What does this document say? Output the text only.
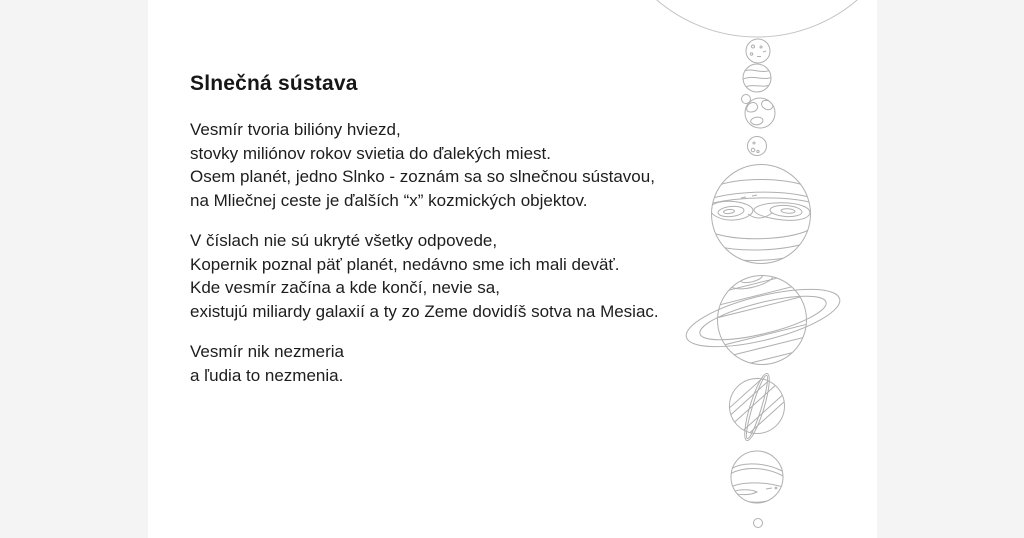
Slnečná sústava

Vesmír tvoria bilióny hviezd,
stovky miliónov rokov svietia do ďalekých miest.
Osem planét, jedno Slnko - zoznám sa so slnečnou sústavou,
na Mliečnej ceste je ďalších “x” kozmických objektov.

V číslach nie sú ukryté všetky odpovede,
Kopernik poznal päť planét, nedávno sme ich mali deväť.
Kde vesmír začína a kde končí, nevie sa,
existujú miliardy galaxií a ty zo Zeme dovidíš sotva na Mesiac.

Vesmír nik nezmeria
a ľudia to nezmenia.
